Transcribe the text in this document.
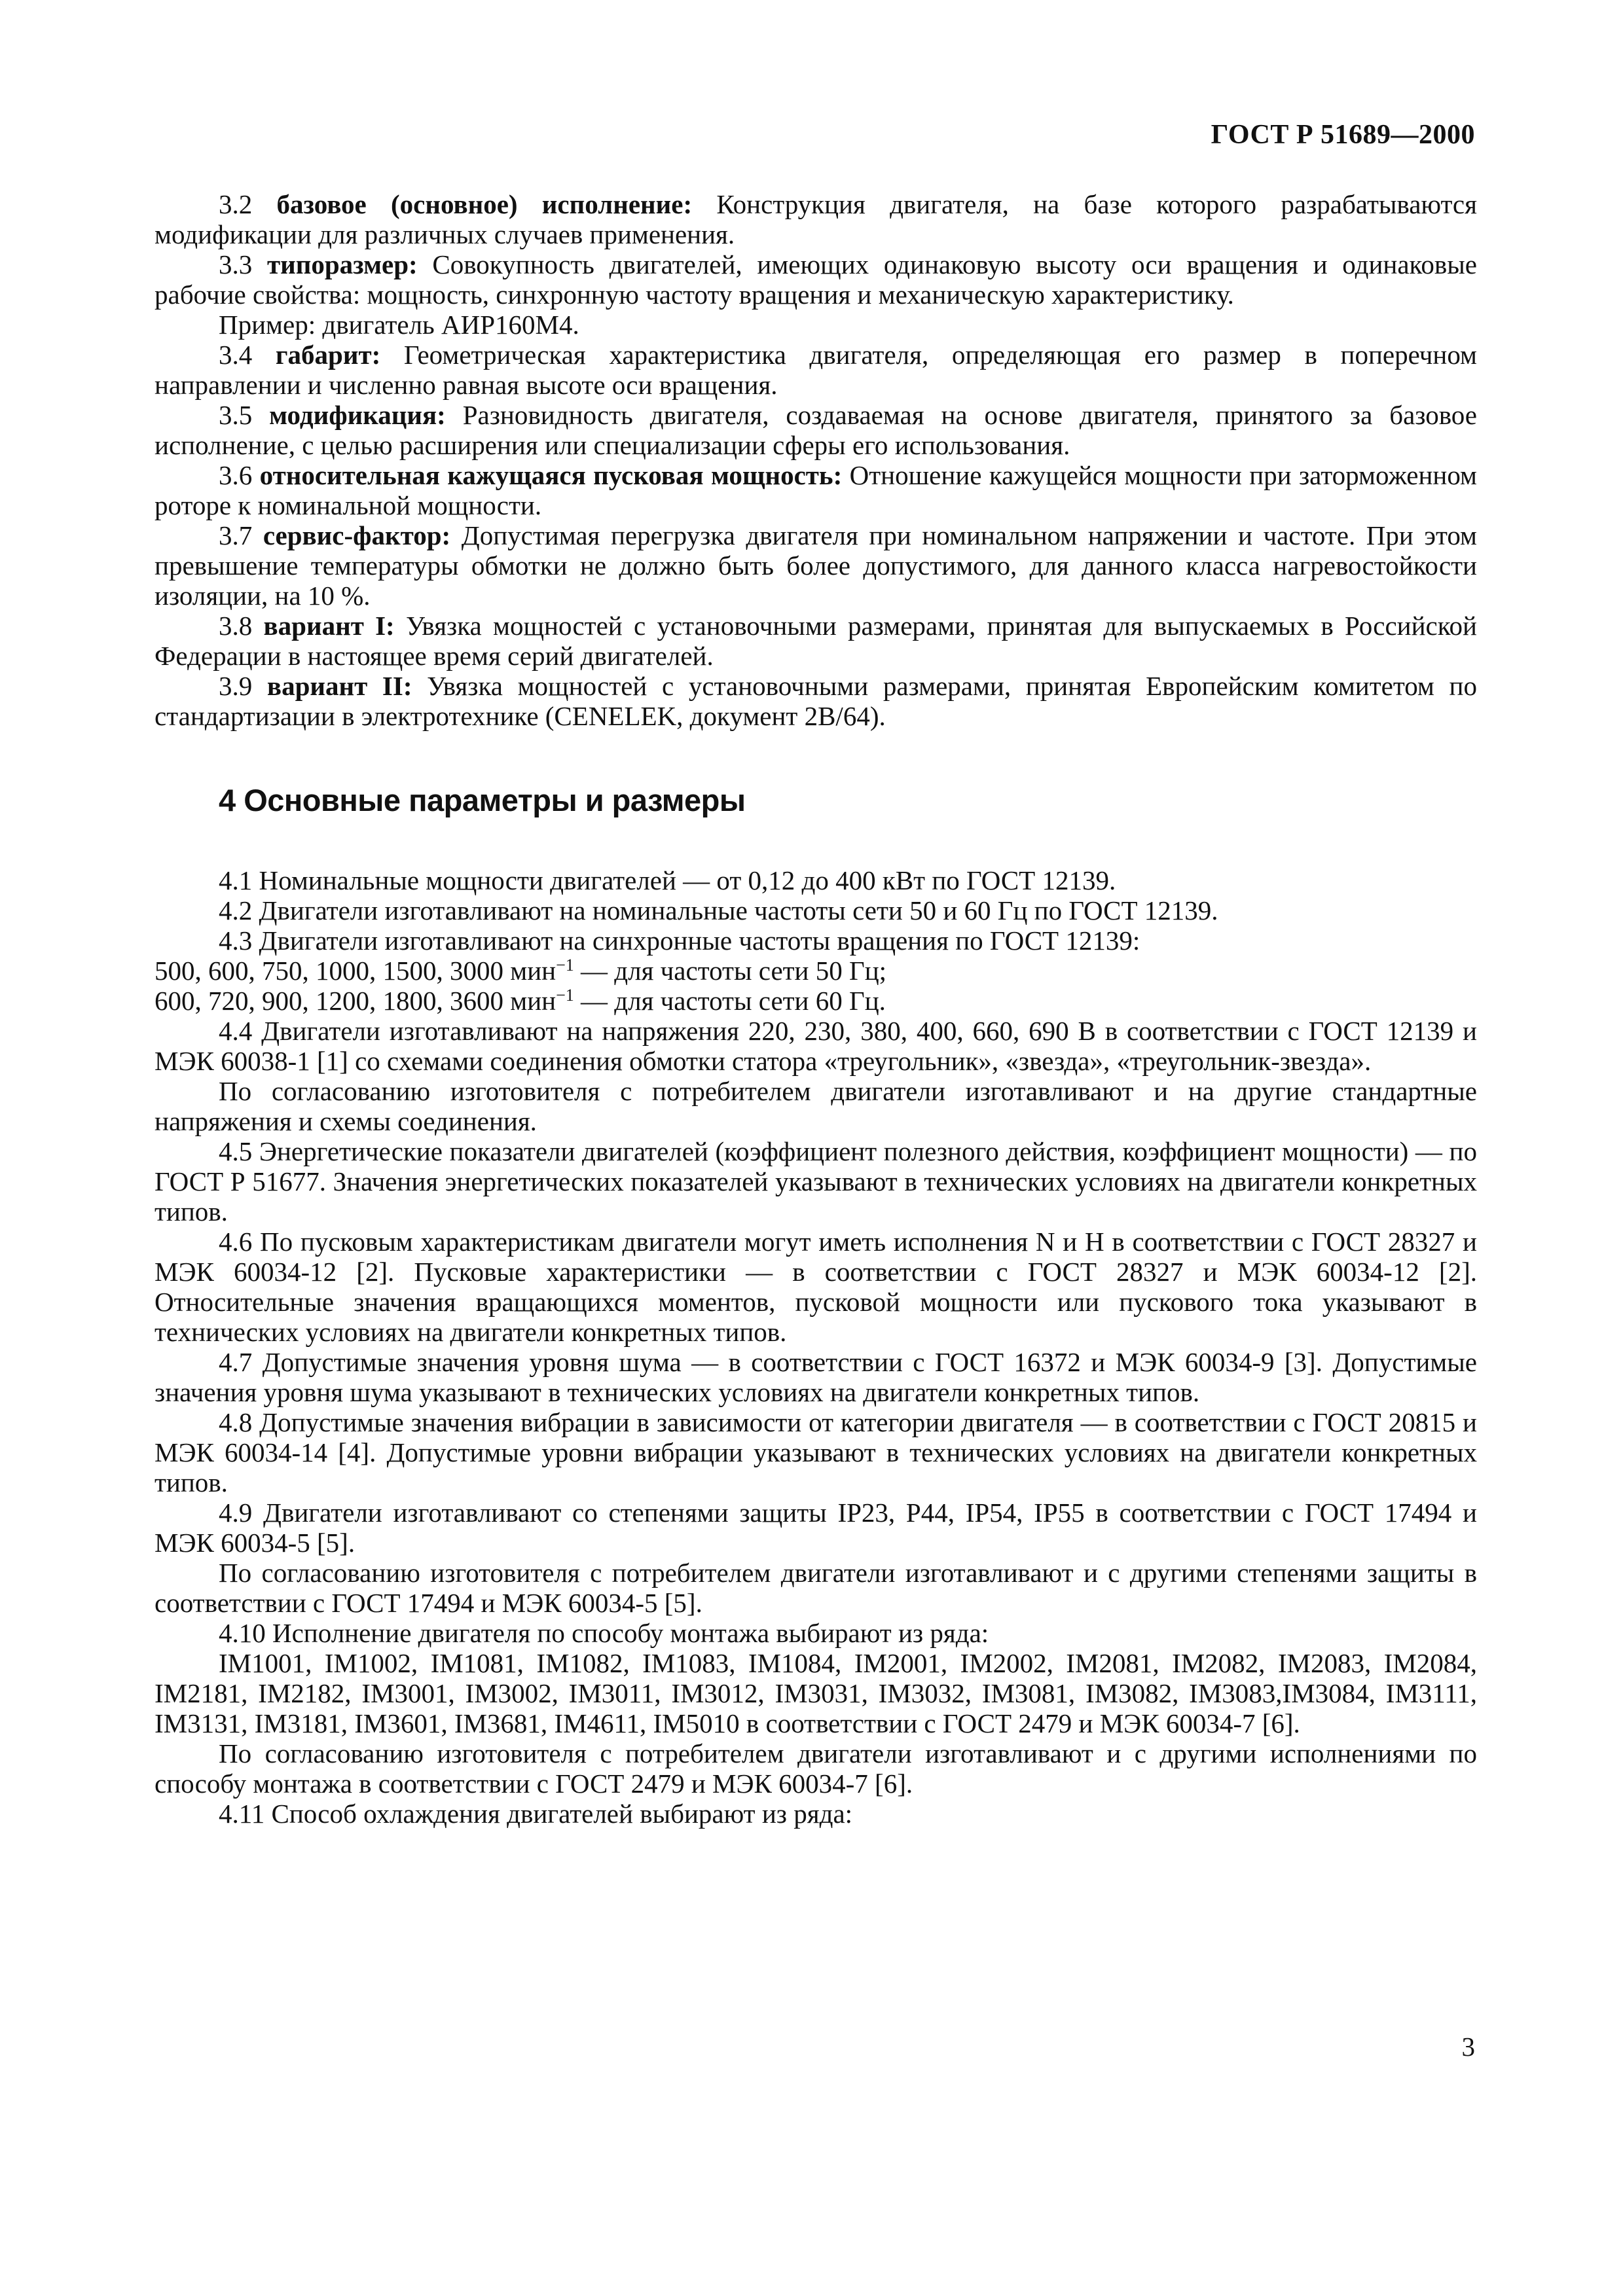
ГОСТ Р 51689—2000

3.2 базовое (основное) исполнение: Конструкция двигателя, на базе которого разрабатываются модификации для различных случаев применения.

3.3 типоразмер: Совокупность двигателей, имеющих одинаковую высоту оси вращения и одинаковые рабочие свойства: мощность, синхронную частоту вращения и механическую характеристику.

Пример: двигатель АИР160М4.

3.4 габарит: Геометрическая характеристика двигателя, определяющая его размер в поперечном направлении и численно равная высоте оси вращения.

3.5 модификация: Разновидность двигателя, создаваемая на основе двигателя, принятого за базовое исполнение, с целью расширения или специализации сферы его использования.

3.6 относительная кажущаяся пусковая мощность: Отношение кажущейся мощности при заторможенном роторе к номинальной мощности.

3.7 сервис-фактор: Допустимая перегрузка двигателя при номинальном напряжении и частоте. При этом превышение температуры обмотки не должно быть более допустимого, для данного класса нагревостойкости изоляции, на 10 %.

3.8 вариант I: Увязка мощностей с установочными размерами, принятая для выпускаемых в Российской Федерации в настоящее время серий двигателей.

3.9 вариант II: Увязка мощностей с установочными размерами, принятая Европейским комитетом по стандартизации в электротехнике (CENELEK, документ 2B/64).

4 Основные параметры и размеры

4.1 Номинальные мощности двигателей — от 0,12 до 400 кВт по ГОСТ 12139.

4.2 Двигатели изготавливают на номинальные частоты сети 50 и 60 Гц по ГОСТ 12139.

4.3 Двигатели изготавливают на синхронные частоты вращения по ГОСТ 12139:

500, 600, 750, 1000, 1500, 3000 мин$^{-1}$ — для частоты сети 50 Гц;

600, 720, 900, 1200, 1800, 3600 мин$^{-1}$ — для частоты сети 60 Гц.

4.4 Двигатели изготавливают на напряжения 220, 230, 380, 400, 660, 690 В в соответствии с ГОСТ 12139 и МЭК 60038-1 [1] со схемами соединения обмотки статора «треугольник», «звезда», «треугольник-звезда».

По согласованию изготовителя с потребителем двигатели изготавливают и на другие стандартные напряжения и схемы соединения.

4.5 Энергетические показатели двигателей (коэффициент полезного действия, коэффициент мощности) — по ГОСТ Р 51677. Значения энергетических показателей указывают в технических условиях на двигатели конкретных типов.

4.6 По пусковым характеристикам двигатели могут иметь исполнения N и H в соответствии с ГОСТ 28327 и МЭК 60034-12 [2]. Пусковые характеристики — в соответствии с ГОСТ 28327 и МЭК 60034-12 [2]. Относительные значения вращающихся моментов, пусковой мощности или пускового тока указывают в технических условиях на двигатели конкретных типов.

4.7 Допустимые значения уровня шума — в соответствии с ГОСТ 16372 и МЭК 60034-9 [3]. Допустимые значения уровня шума указывают в технических условиях на двигатели конкретных типов.

4.8 Допустимые значения вибрации в зависимости от категории двигателя — в соответствии с ГОСТ 20815 и МЭК 60034-14 [4]. Допустимые уровни вибрации указывают в технических условиях на двигатели конкретных типов.

4.9 Двигатели изготавливают со степенями защиты IP23, P44, IP54, IP55 в соответствии с ГОСТ 17494 и МЭК 60034-5 [5].

По согласованию изготовителя с потребителем двигатели изготавливают и с другими степенями защиты в соответствии с ГОСТ 17494 и МЭК 60034-5 [5].

4.10 Исполнение двигателя по способу монтажа выбирают из ряда:

IM1001, IM1002, IM1081, IM1082, IM1083, IM1084, IM2001, IM2002, IM2081, IM2082, IM2083, IM2084, IM2181, IM2182, IM3001, IM3002, IM3011, IM3012, IM3031, IM3032, IM3081, IM3082, IM3083,IM3084, IM3111, IM3131, IM3181, IM3601, IM3681, IM4611, IM5010 в соответствии с ГОСТ 2479 и МЭК 60034-7 [6].

По согласованию изготовителя с потребителем двигатели изготавливают и с другими исполнениями по способу монтажа в соответствии с ГОСТ 2479 и МЭК 60034-7 [6].

4.11 Способ охлаждения двигателей выбирают из ряда:

3
